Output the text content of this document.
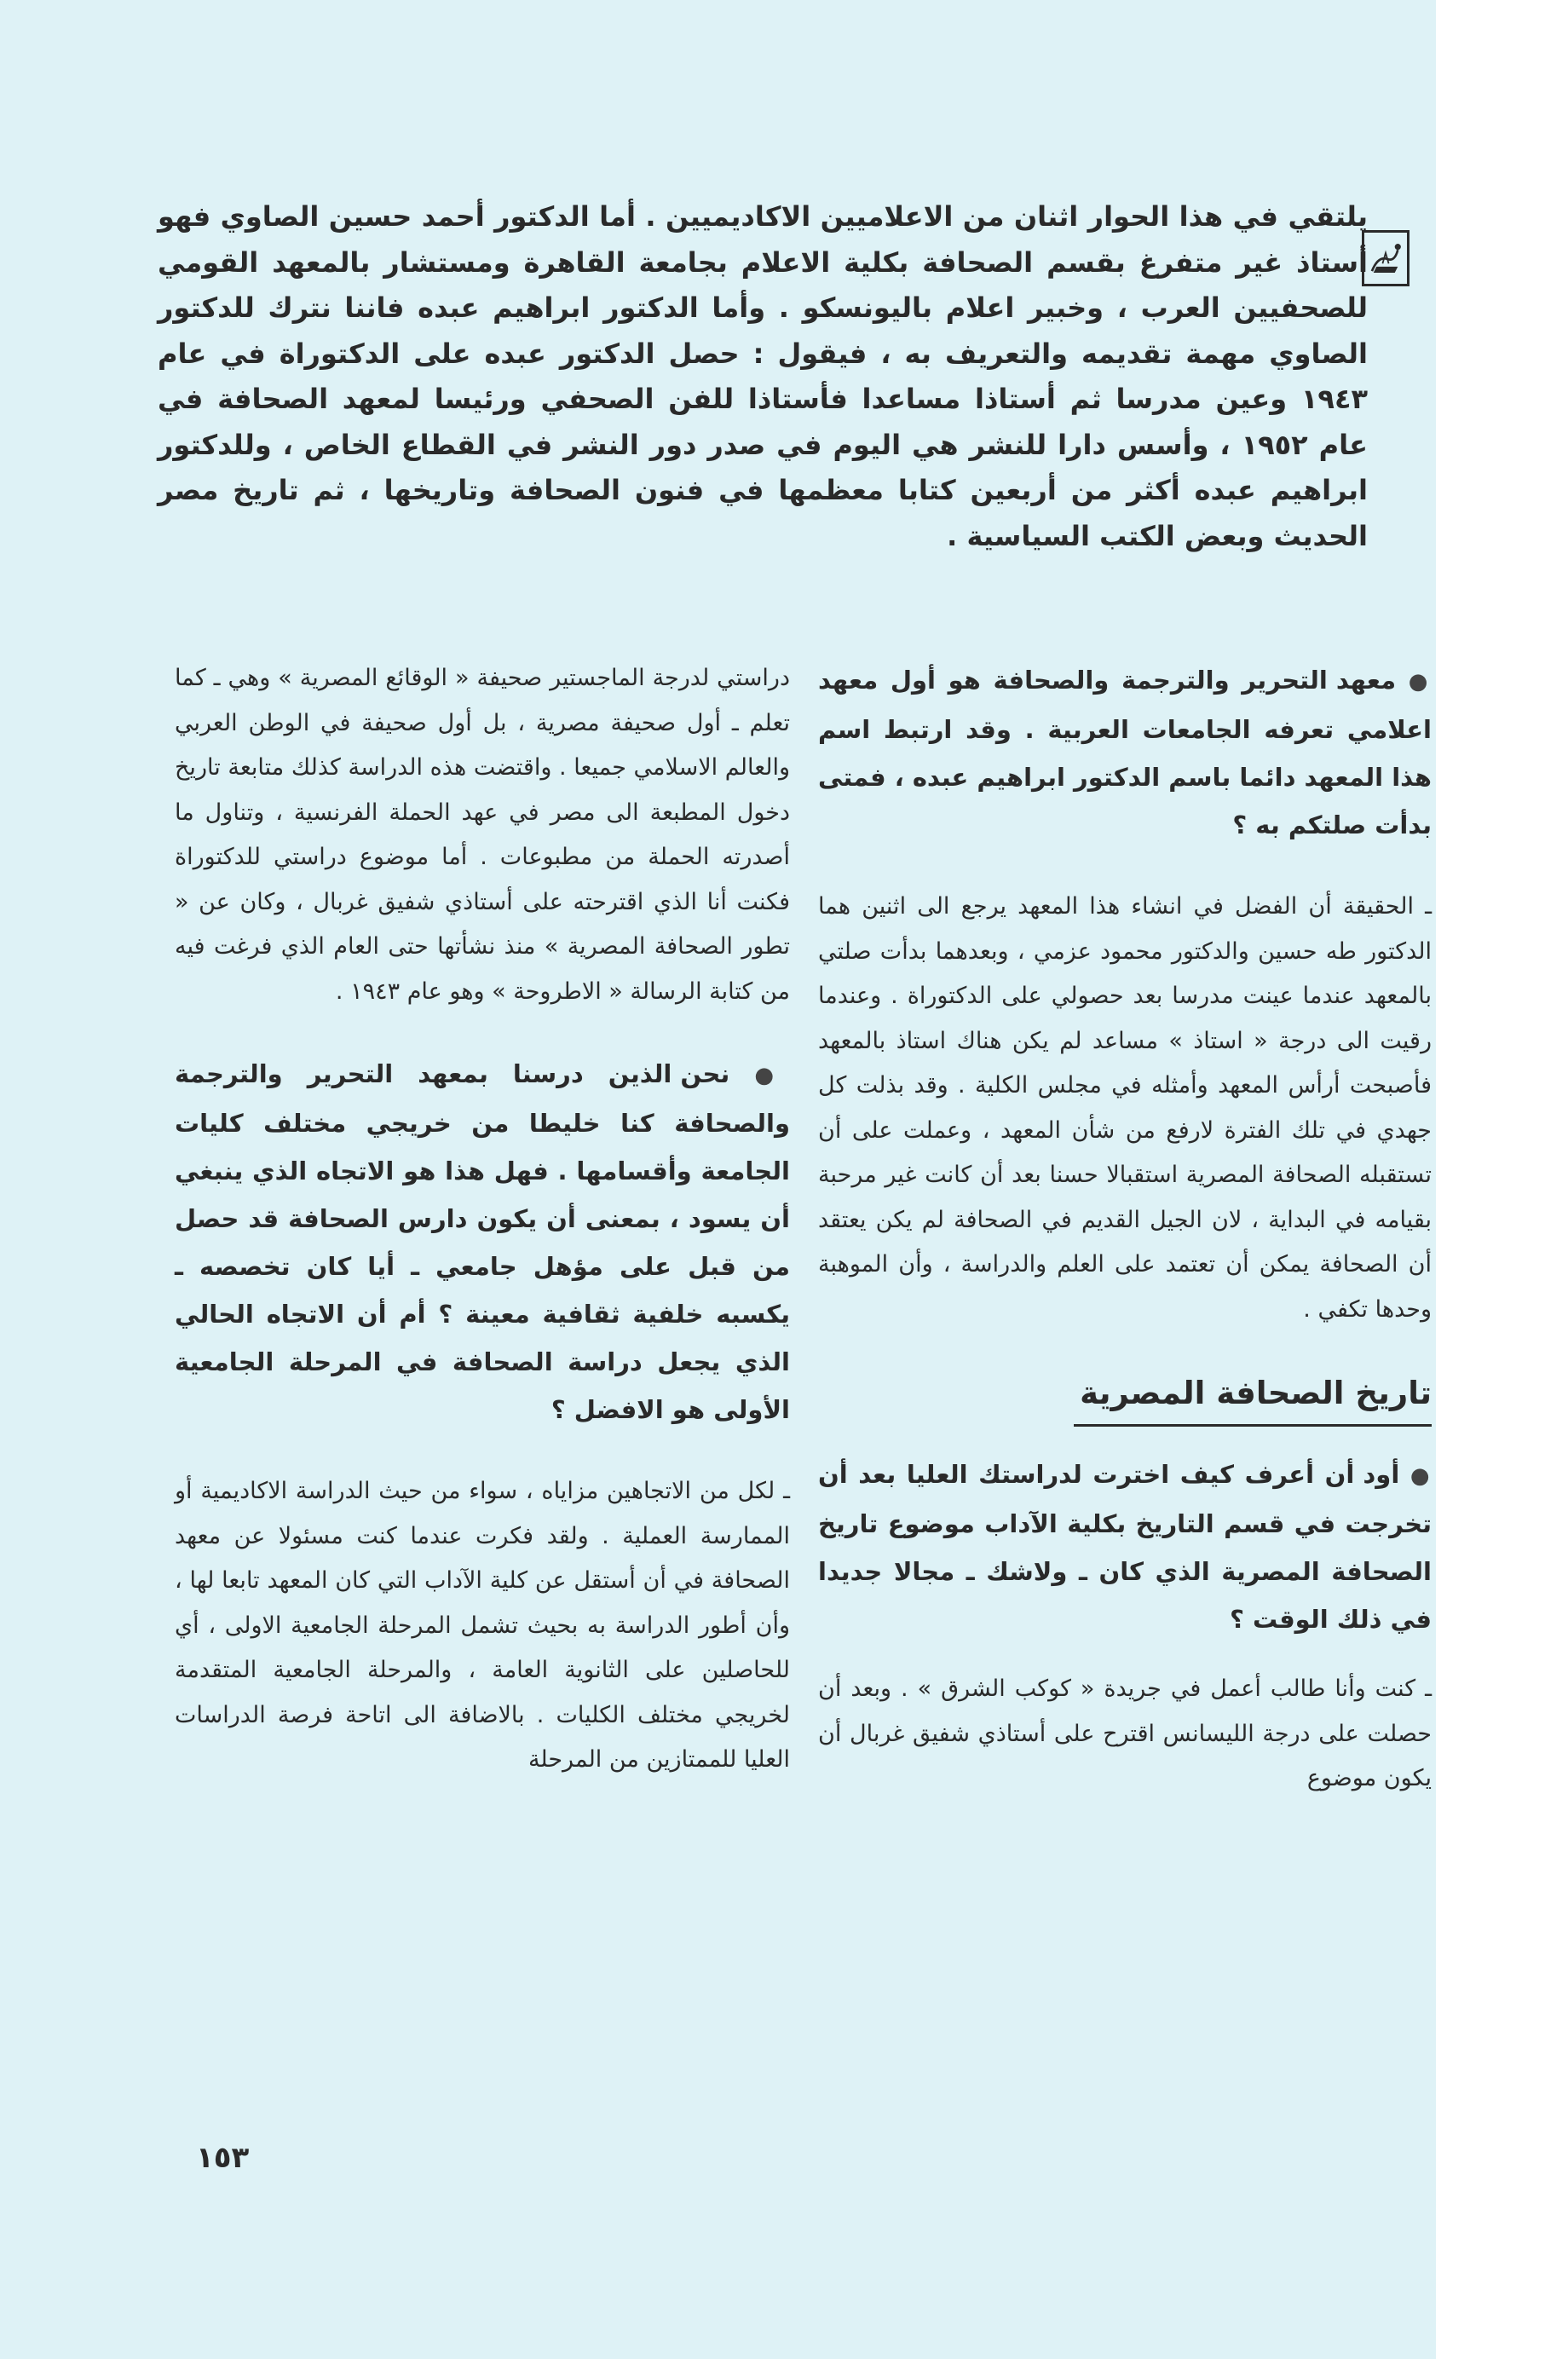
يلتقي في هذا الحوار اثنان من الاعلاميين الاكاديميين . أما الدكتور أحمد حسين الصاوي فهو أستاذ غير متفرغ بقسم الصحافة بكلية الاعلام بجامعة القاهرة ومستشار بالمعهد القومي للصحفيين العرب ، وخبير اعلام باليونسكو . وأما الدكتور ابراهيم عبده فاننا نترك للدكتور الصاوي مهمة تقديمه والتعريف به ، فيقول : حصل الدكتور عبده على الدكتوراة في عام ١٩٤٣ وعين مدرسا ثم أستاذا مساعدا فأستاذا للفن الصحفي ورئيسا لمعهد الصحافة في عام ١٩٥٢ ، وأسس دارا للنشر هي اليوم في صدر دور النشر في القطاع الخاص ، وللدكتور ابراهيم عبده أكثر من أربعين كتابا معظمها في فنون الصحافة وتاريخها ، ثم تاريخ مصر الحديث وبعض الكتب السياسية .

● معهد التحرير والترجمة والصحافة هو أول معهد اعلامي تعرفه الجامعات العربية . وقد ارتبط اسم هذا المعهد دائما باسم الدكتور ابراهيم عبده ، فمتى بدأت صلتكم به ؟

ـ الحقيقة أن الفضل في انشاء هذا المعهد يرجع الى اثنين هما الدكتور طه حسين والدكتور محمود عزمي ، وبعدهما بدأت صلتي بالمعهد عندما عينت مدرسا بعد حصولي على الدكتوراة . وعندما رقيت الى درجة « استاذ » مساعد لم يكن هناك استاذ بالمعهد فأصبحت أرأس المعهد وأمثله في مجلس الكلية . وقد بذلت كل جهدي في تلك الفترة لارفع من شأن المعهد ، وعملت على أن تستقبله الصحافة المصرية استقبالا حسنا بعد أن كانت غير مرحبة بقيامه في البداية ، لان الجيل القديم في الصحافة لم يكن يعتقد أن الصحافة يمكن أن تعتمد على العلم والدراسة ، وأن الموهبة وحدها تكفي .

تاريخ الصحافة المصرية

● أود أن أعرف كيف اخترت لدراستك العليا بعد أن تخرجت في قسم التاريخ بكلية الآداب موضوع تاريخ الصحافة المصرية الذي كان ـ ولاشك ـ مجالا جديدا في ذلك الوقت ؟

ـ كنت وأنا طالب أعمل في جريدة « كوكب الشرق » . وبعد أن حصلت على درجة الليسانس اقترح على أستاذي شفيق غربال أن يكون موضوع

دراستي لدرجة الماجستير صحيفة « الوقائع المصرية » وهي ـ كما تعلم ـ أول صحيفة مصرية ، بل أول صحيفة في الوطن العربي والعالم الاسلامي جميعا . واقتضت هذه الدراسة كذلك متابعة تاريخ دخول المطبعة الى مصر في عهد الحملة الفرنسية ، وتناول ما أصدرته الحملة من مطبوعات . أما موضوع دراستي للدكتوراة فكنت أنا الذي اقترحته على أستاذي شفيق غربال ، وكان عن « تطور الصحافة المصرية » منذ نشأتها حتى العام الذي فرغت فيه من كتابة الرسالة « الاطروحة » وهو عام ١٩٤٣ .

● نحن الذين درسنا بمعهد التحرير والترجمة والصحافة كنا خليطا من خريجي مختلف كليات الجامعة وأقسامها . فهل هذا هو الاتجاه الذي ينبغي أن يسود ، بمعنى أن يكون دارس الصحافة قد حصل من قبل على مؤهل جامعي ـ أيا كان تخصصه ـ يكسبه خلفية ثقافية معينة ؟ أم أن الاتجاه الحالي الذي يجعل دراسة الصحافة في المرحلة الجامعية الأولى هو الافضل ؟

ـ لكل من الاتجاهين مزاياه ، سواء من حيث الدراسة الاكاديمية أو الممارسة العملية . ولقد فكرت عندما كنت مسئولا عن معهد الصحافة في أن أستقل عن كلية الآداب التي كان المعهد تابعا لها ، وأن أطور الدراسة به بحيث تشمل المرحلة الجامعية الاولى ، أي للحاصلين على الثانوية العامة ، والمرحلة الجامعية المتقدمة لخريجي مختلف الكليات . بالاضافة الى اتاحة فرصة الدراسات العليا للممتازين من المرحلة

١٥٣
